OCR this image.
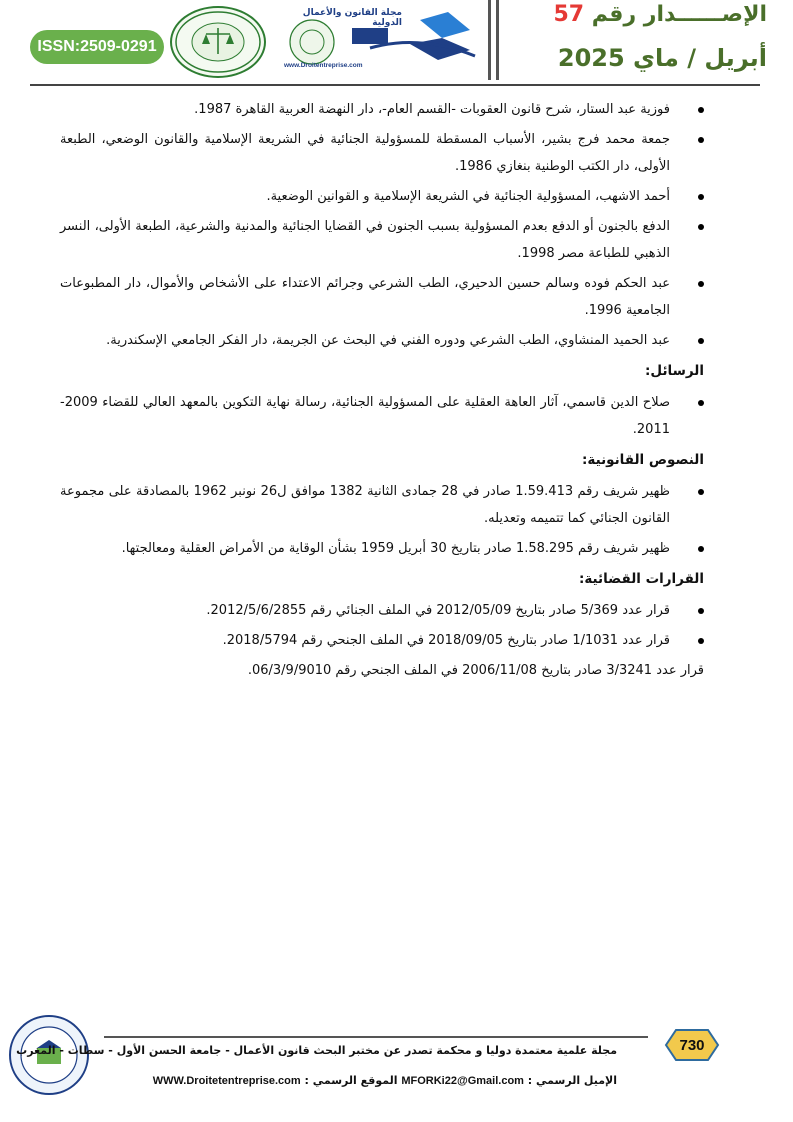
ISSN:2509-0291
مجلة القانون والأعمال الدولية
www.Droitentreprise.com
الإصــــــدار رقم 57
أبريل / ماي 2025
فوزية عبد الستار، شرح قانون العقوبات -القسم العام-، دار النهضة العربية القاهرة 1987.
جمعة محمد فرج بشير، الأسباب المسقطة للمسؤولية الجنائية في الشريعة الإسلامية والقانون الوضعي، الطبعة الأولى، دار الكتب الوطنية بنغازي 1986.
أحمد الاشهب، المسؤولية الجنائية في الشريعة الإسلامية و القوانين الوضعية.
الدفع بالجنون أو الدفع بعدم المسؤولية بسبب الجنون في القضايا الجنائية والمدنية والشرعية، الطبعة الأولى، النسر الذهبي للطباعة مصر 1998.
عبد الحكم فوده وسالم حسين الدحيري، الطب الشرعي وجرائم الاعتداء على الأشخاص والأموال، دار المطبوعات الجامعية 1996.
عبد الحميد المنشاوي، الطب الشرعي ودوره الفني في البحث عن الجريمة، دار الفكر الجامعي الإسكندرية.
الرسائل:
صلاح الدين قاسمي، آثار العاهة العقلية على المسؤولية الجنائية، رسالة نهاية التكوين بالمعهد العالي للقضاء 2009-2011.
النصوص القانونية:
ظهير شريف رقم 1.59.413 صادر في 28 جمادى الثانية 1382 موافق ل26 نونبر 1962 بالمصادقة على مجموعة القانون الجنائي كما تتميمه وتعديله.
ظهير شريف رقم 1.58.295 صادر بتاريخ 30 أبريل 1959 بشأن الوقاية من الأمراض العقلية ومعالجتها.
القرارات القضائية:
قرار عدد 5/369 صادر بتاريخ 2012/05/09 في الملف الجنائي رقم 2012/5/6/2855.
قرار عدد 1/1031 صادر بتاريخ 2018/09/05 في الملف الجنحي رقم 2018/5794.

قرار عدد 3/3241 صادر بتاريخ 2006/11/08 في الملف الجنحي رقم 06/3/9/9010.

730
مجلة علمية معتمدة دوليا و محكمة تصدر عن مختبر البحث قانون الأعمال - جامعة الحسن الأول - سطات - المغرب
الإميل الرسمي : MFORKi22@Gmail.com الموقع الرسمي : WWW.Droitetentreprise.com
